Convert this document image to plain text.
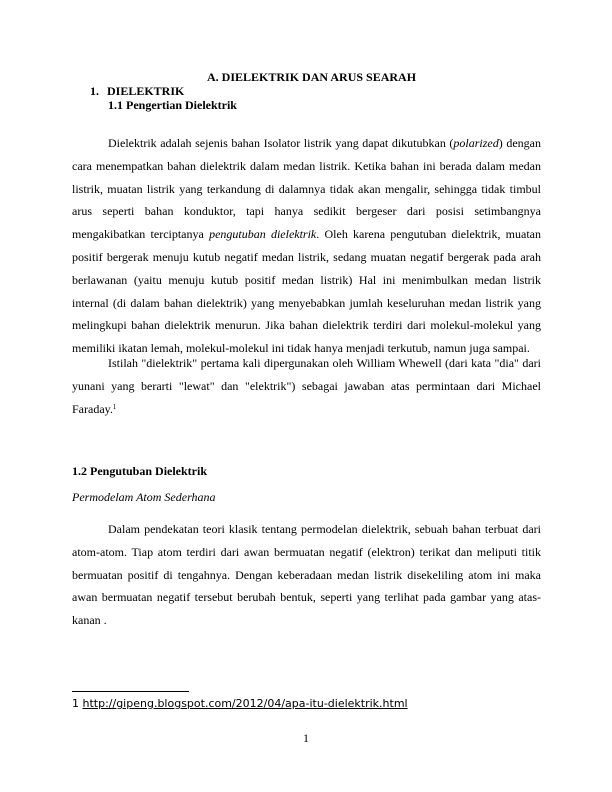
A. DIELEKTRIK DAN ARUS SEARAH
1. DIELEKTRIK
1.1 Pengertian Dielektrik
Dielektrik adalah sejenis bahan Isolator listrik yang dapat dikutubkan (polarized) dengan cara menempatkan bahan dielektrik dalam medan listrik. Ketika bahan ini berada dalam medan listrik, muatan listrik yang terkandung di dalamnya tidak akan mengalir, sehingga tidak timbul arus seperti bahan konduktor, tapi hanya sedikit bergeser dari posisi setimbangnya mengakibatkan terciptanya pengutuban dielektrik. Oleh karena pengutuban dielektrik, muatan positif bergerak menuju kutub negatif medan listrik, sedang muatan negatif bergerak pada arah berlawanan (yaitu menuju kutub positif medan listrik) Hal ini menimbulkan medan listrik internal (di dalam bahan dielektrik) yang menyebabkan jumlah keseluruhan medan listrik yang melingkupi bahan dielektrik menurun. Jika bahan dielektrik terdiri dari molekul-molekul yang memiliki ikatan lemah, molekul-molekul ini tidak hanya menjadi terkutub, namun juga sampai.
Istilah "dielektrik" pertama kali dipergunakan oleh William Whewell (dari kata "dia" dari yunani yang berarti "lewat" dan "elektrik") sebagai jawaban atas permintaan dari Michael Faraday.$^1$
1.2 Pengutuban Dielektrik
Permodelam Atom Sederhana
Dalam pendekatan teori klasik tentang permodelan dielektrik, sebuah bahan terbuat dari atom-atom. Tiap atom terdiri dari awan bermuatan negatif (elektron) terikat dan meliputi titik bermuatan positif di tengahnya. Dengan keberadaan medan listrik disekeliling atom ini maka awan bermuatan negatif tersebut berubah bentuk, seperti yang terlihat pada gambar yang atas-kanan .
1 http://gipeng.blogspot.com/2012/04/apa-itu-dielektrik.html
1
